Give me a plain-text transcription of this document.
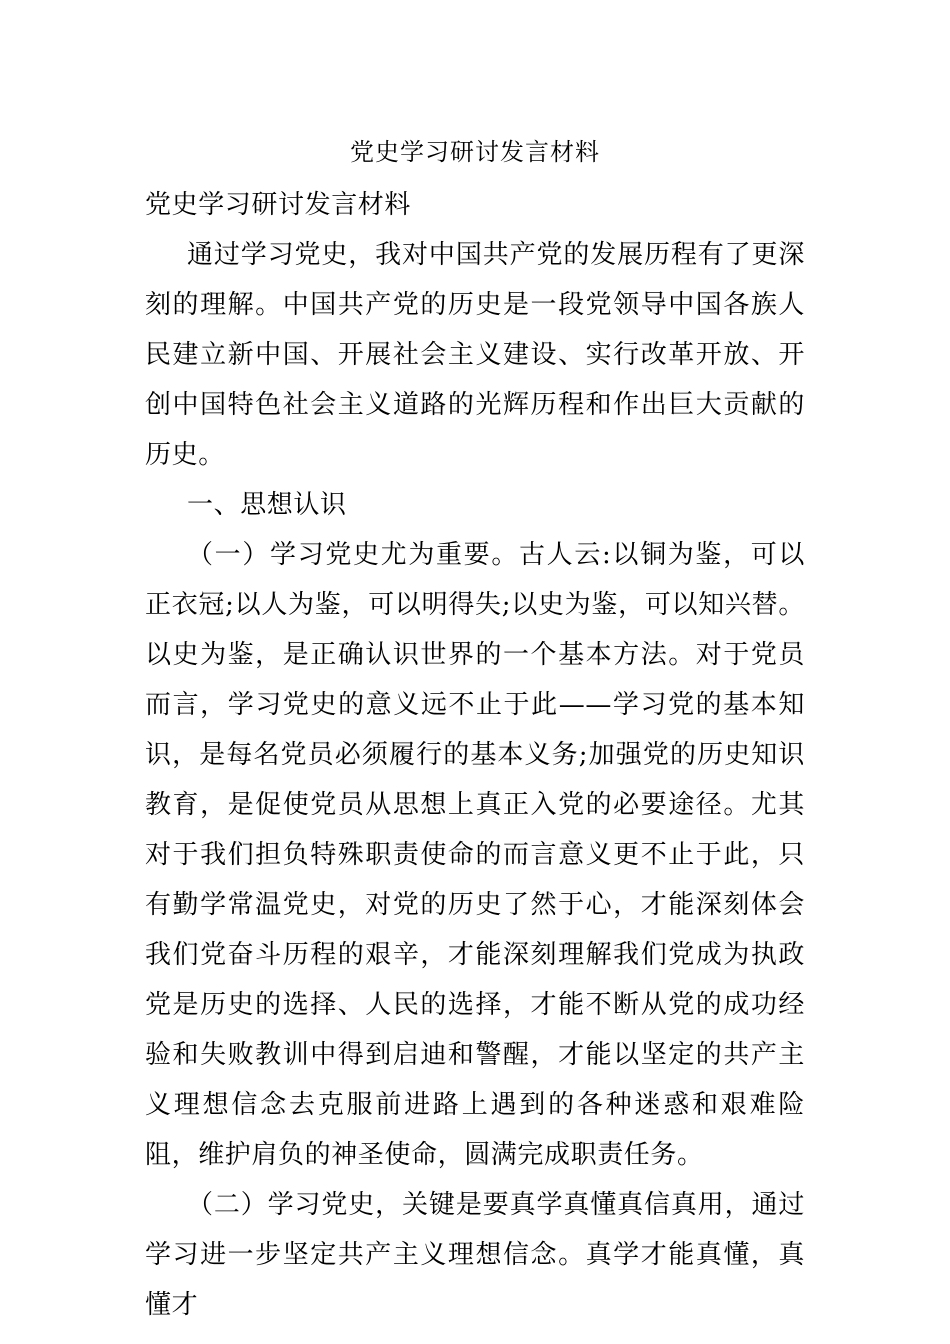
党史学习研讨发言材料

党史学习研讨发言材料

通过学习党史，我对中国共产党的发展历程有了更深刻的理解。中国共产党的历史是一段党领导中国各族人民建立新中国、开展社会主义建设、实行改革开放、开创中国特色社会主义道路的光辉历程和作出巨大贡献的历史。

一、思想认识

（一）学习党史尤为重要。古人云:以铜为鉴，可以正衣冠;以人为鉴，可以明得失;以史为鉴，可以知兴替。以史为鉴，是正确认识世界的一个基本方法。对于党员而言，学习党史的意义远不止于此——学习党的基本知识，是每名党员必须履行的基本义务;加强党的历史知识教育，是促使党员从思想上真正入党的必要途径。尤其对于我们担负特殊职责使命的而言意义更不止于此，只有勤学常温党史，对党的历史了然于心，才能深刻体会我们党奋斗历程的艰辛，才能深刻理解我们党成为执政党是历史的选择、人民的选择，才能不断从党的成功经验和失败教训中得到启迪和警醒，才能以坚定的共产主义理想信念去克服前进路上遇到的各种迷惑和艰难险阻，维护肩负的神圣使命，圆满完成职责任务。

（二）学习党史，关键是要真学真懂真信真用，通过学习进一步坚定共产主义理想信念。真学才能真懂，真懂才
